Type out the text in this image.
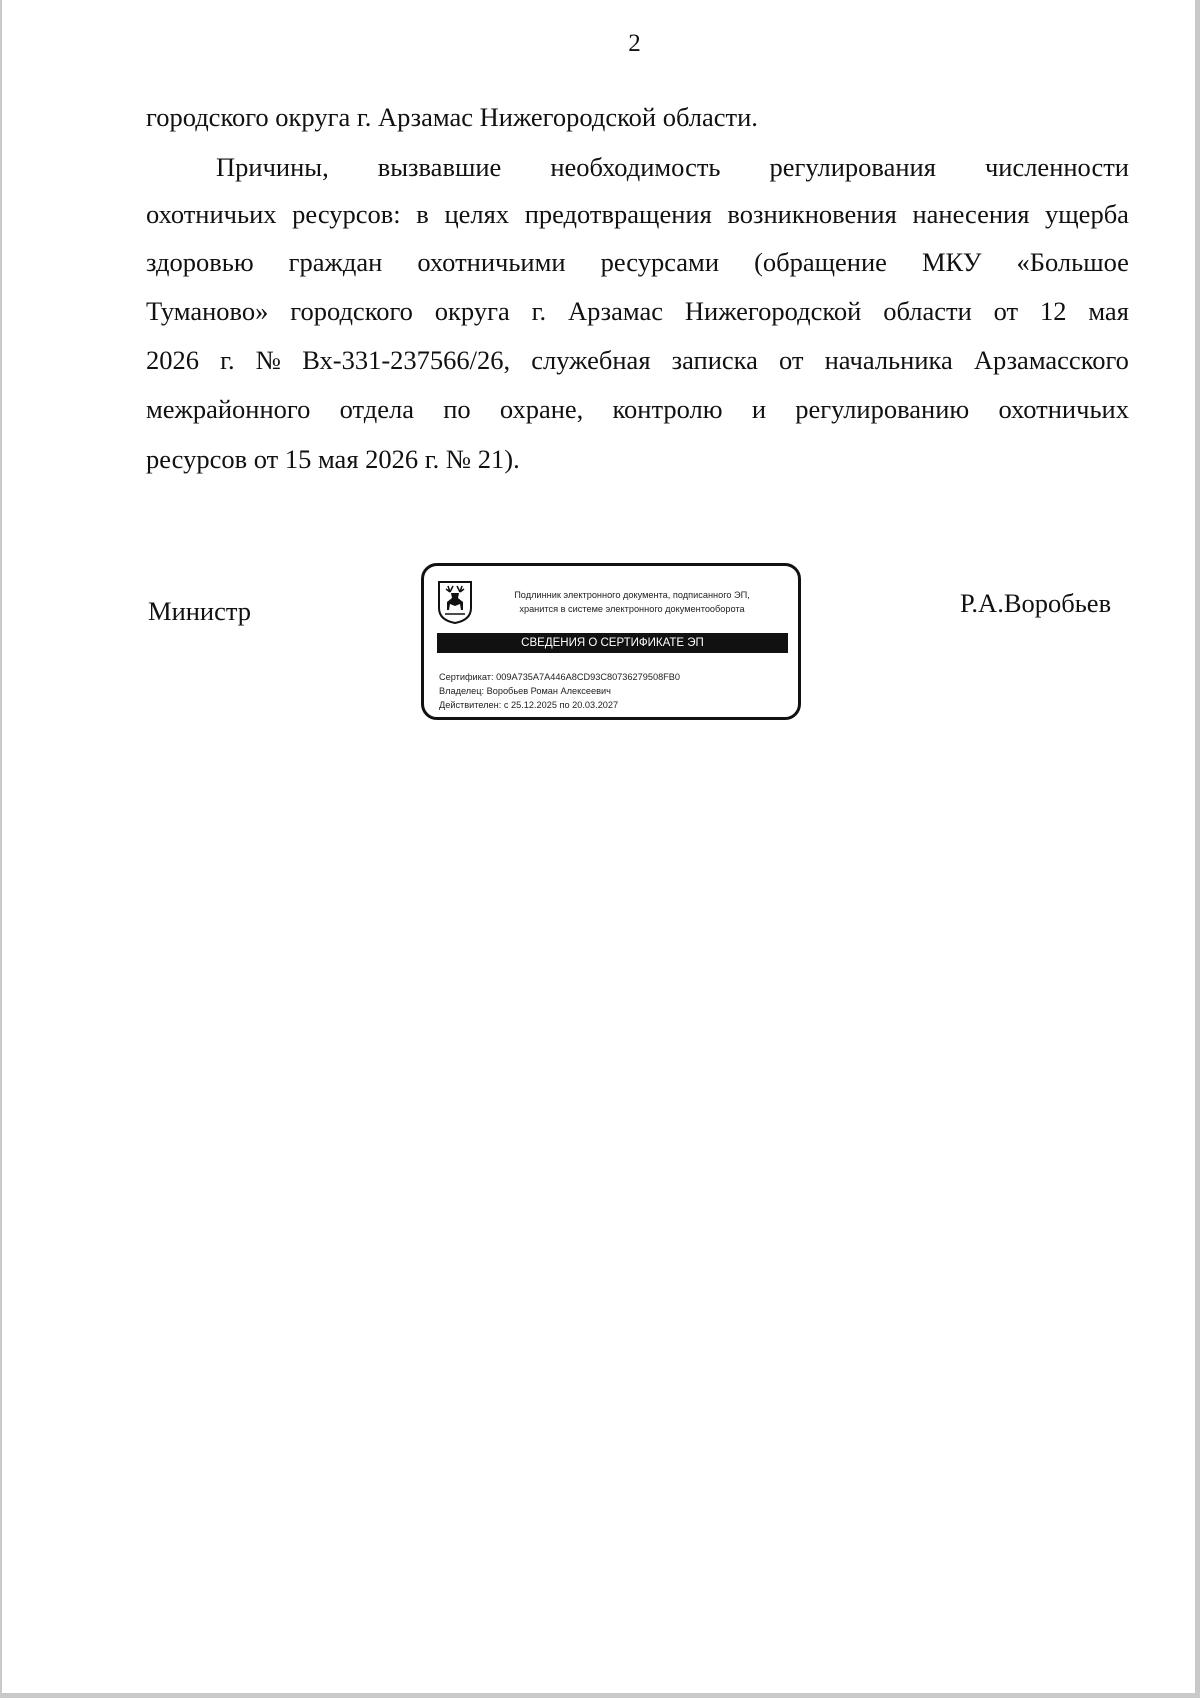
2
городского округа г. Арзамас Нижегородской области.
Причины, вызвавшие необходимость регулирования численности
охотничьих ресурсов: в целях предотвращения возникновения нанесения ущерба
здоровью граждан охотничьими ресурсами (обращение МКУ «Большое
Туманово» городского округа г. Арзамас Нижегородской области от 12 мая
2026 г. № Вх-331-237566/26, служебная записка от начальника Арзамасского
межрайонного отдела по охране, контролю и регулированию охотничьих
ресурсов от 15 мая 2026 г. № 21).
Министр	Р.А.Воробьев
Подлинник электронного документа, подписанного ЭП,
хранится в системе электронного документооборота
СВЕДЕНИЯ О СЕРТИФИКАТЕ ЭП
Сертификат: 009A735A7A446A8CD93C80736279508FB0
Владелец: Воробьев Роман Алексеевич
Действителен: с 25.12.2025 по 20.03.2027
